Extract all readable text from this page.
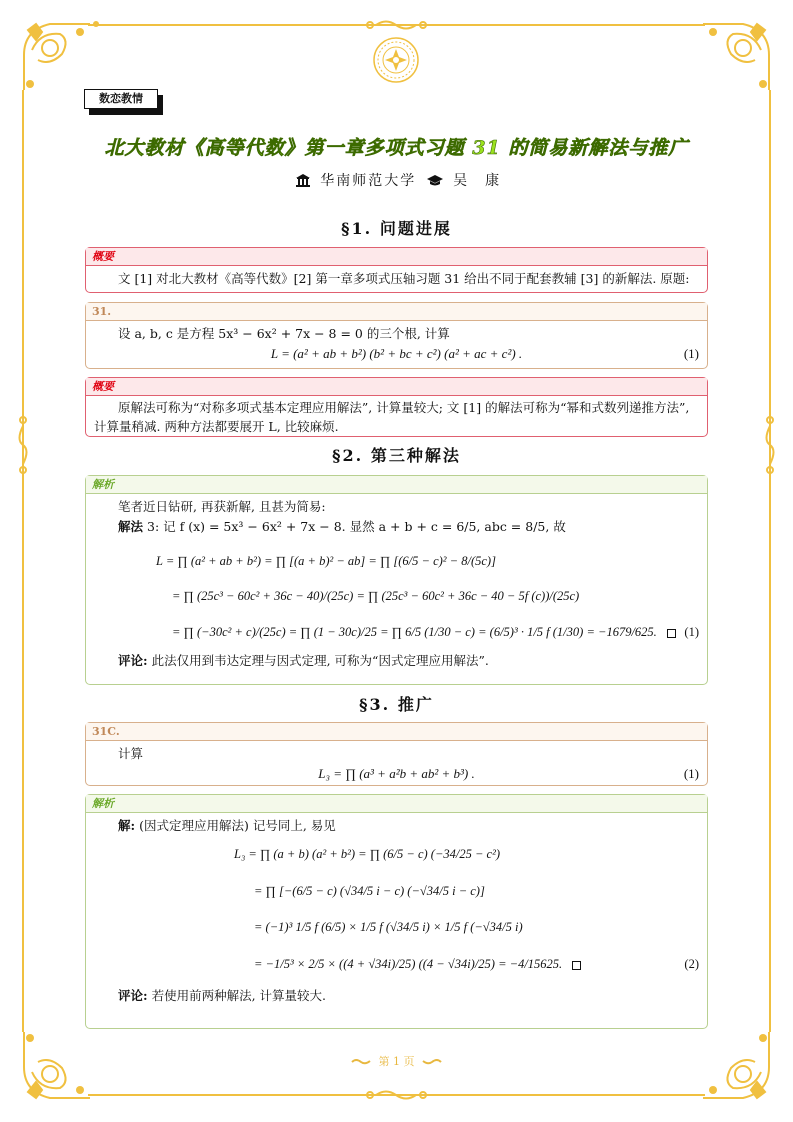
数恋教情
北大教材《高等代数》第一章多项式习题 31 的简易新解法与推广
华南师范大学	吴　康
§1. 问题进展
概要
文 [1] 对北大教材《高等代数》[2] 第一章多项式压轴习题 31 给出不同于配套教辅 [3] 的新解法. 原题:
31.
设 a, b, c 是方程 5x³ − 6x² + 7x − 8 = 0 的三个根, 计算
L = (a² + ab + b²) (b² + bc + c²) (a² + ac + c²) .	(1)
概要
原解法可称为“对称多项式基本定理应用解法”, 计算量较大; 文 [1] 的解法可称为“幂和式数列递推方法”, 计算量稍减. 两种方法都要展开 L, 比较麻烦.
§2. 第三种解法
解析
笔者近日钻研, 再获新解, 且甚为简易:
解法 3: 记 f (x) = 5x³ − 6x² + 7x − 8. 显然 a + b + c = 6/5, abc = 8/5, 故
L = ∏ (a² + ab + b²) = ∏ [(a + b)² − ab] = ∏ [(6/5 − c)² − 8/(5c)]
= ∏ (25c³ − 60c² + 36c − 40)/(25c) = ∏ (25c³ − 60c² + 36c − 40 − 5f (c))/(25c)
= ∏ (−30c² + c)/(25c) = ∏ (1 − 30c)/25 = ∏ 6/5 (1/30 − c) = (6/5)³ · 1/5 f (1/30) = −1679/625. (1)
评论: 此法仅用到韦达定理与因式定理, 可称为“因式定理应用解法”.
§3. 推广
31C.
计算
L₃ = ∏ (a³ + a²b + ab² + b³) .	(1)
解析
解: (因式定理应用解法) 记号同上, 易见
L₃ = ∏ (a + b) (a² + b²) = ∏ (6/5 − c) (−34/25 − c²)
= ∏ [−(6/5 − c) (√34/5 i − c) (−√34/5 i − c)]
= (−1)³ 1/5 f (6/5) × 1/5 f (√34/5 i) × 1/5 f (−√34/5 i)
= −1/5³ × 2/5 × ((4 + √34i)/25) ((4 − √34i)/25) = −4/15625.	(2)
评论: 若使用前两种解法, 计算量较大.
第 1 页
